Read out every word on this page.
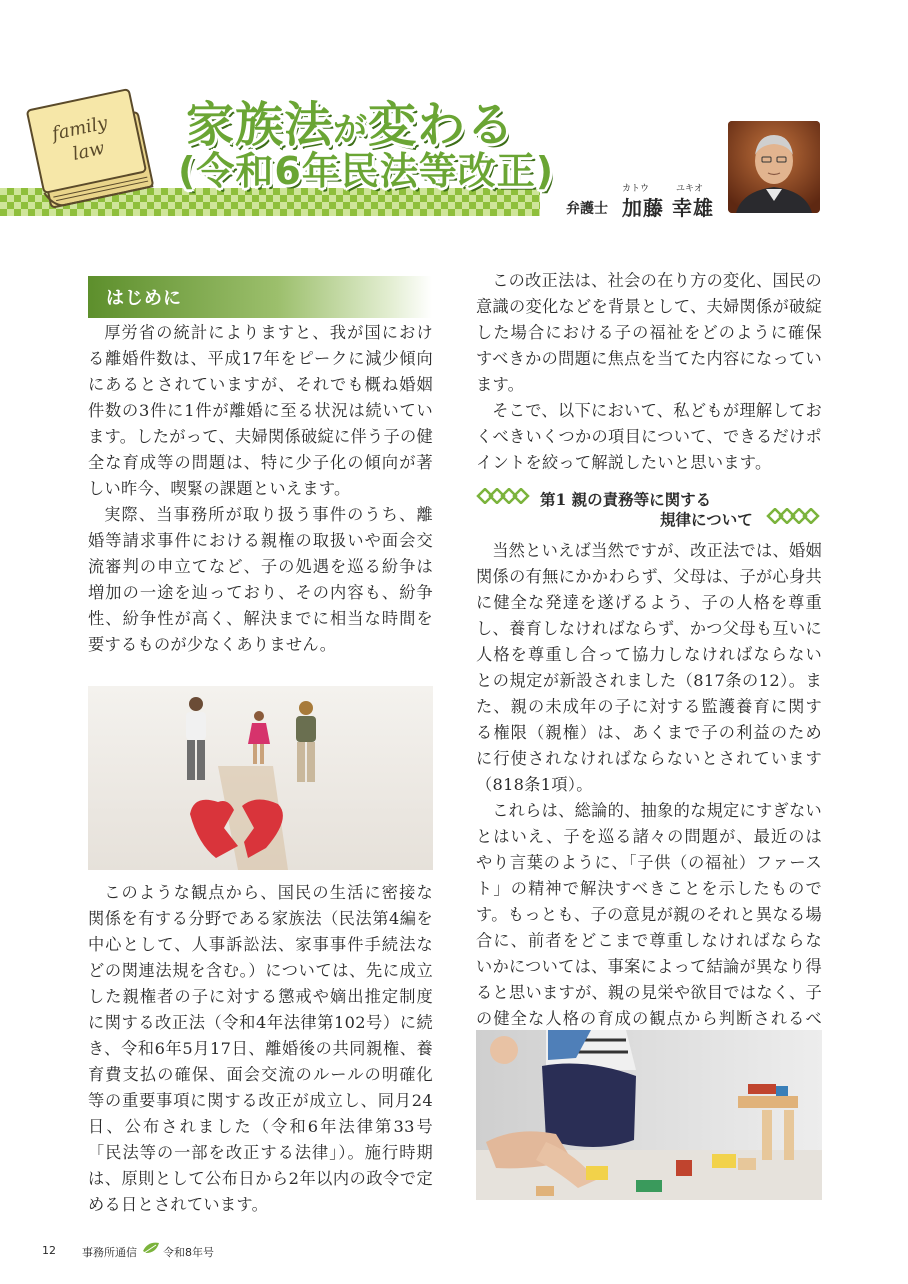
family
law 家族法が変わる
(令和6年民法等改正)	カトウ	ユキオ
弁護士 加藤 幸雄
はじめに

厚労省の統計によりますと、我が国における離婚件数は、平成17年をピークに減少傾向にあるとされていますが、それでも概ね婚姻件数の3件に1件が離婚に至る状況は続いています。したがって、夫婦関係破綻に伴う子の健全な育成等の問題は、特に少子化の傾向が著しい昨今、喫緊の課題といえます。

実際、当事務所が取り扱う事件のうち、離婚等請求事件における親権の取扱いや面会交流審判の申立てなど、子の処遇を巡る紛争は増加の一途を辿っており、その内容も、紛争性、紛争性が高く、解決までに相当な時間を要するものが少なくありません。

このような観点から、国民の生活に密接な関係を有する分野である家族法（民法第4編を中心として、人事訴訟法、家事事件手続法などの関連法規を含む。）については、先に成立した親権者の子に対する懲戒や嫡出推定制度に関する改正法（令和4年法律第102号）に続き、令和6年5月17日、離婚後の共同親権、養育費支払の確保、面会交流のルールの明確化等の重要事項に関する改正が成立し、同月24日、公布されました（令和6年法律第33号「民法等の一部を改正する法律」）。施行時期は、原則として公布日から2年以内の政令で定める日とされています。

この改正法は、社会の在り方の変化、国民の意識の変化などを背景として、夫婦関係が破綻した場合における子の福祉をどのように確保すべきかの問題に焦点を当てた内容になっています。

そこで、以下において、私どもが理解しておくべきいくつかの項目について、できるだけポイントを絞って解説したいと思います。

第1 親の責務等に関する
規律について

当然といえば当然ですが、改正法では、婚姻関係の有無にかかわらず、父母は、子が心身共に健全な発達を遂げるよう、子の人格を尊重し、養育しなければならず、かつ父母も互いに人格を尊重し合って協力しなければならないとの規定が新設されました（817条の12）。また、親の未成年の子に対する監護養育に関する権限（親権）は、あくまで子の利益のために行使されなければならないとされています（818条1項）。

これらは、総論的、抽象的な規定にすぎないとはいえ、子を巡る諸々の問題が、最近のはやり言葉のように、「子供（の福祉）ファースト」の精神で解決すべきことを示したものです。もっとも、子の意見が親のそれと異なる場合に、前者をどこまで尊重しなければならないかについては、事案によって結論が異なり得ると思いますが、親の見栄や欲目ではなく、子の健全な人格の育成の観点から判断されるべ

12 事務所通信 令和8年号
